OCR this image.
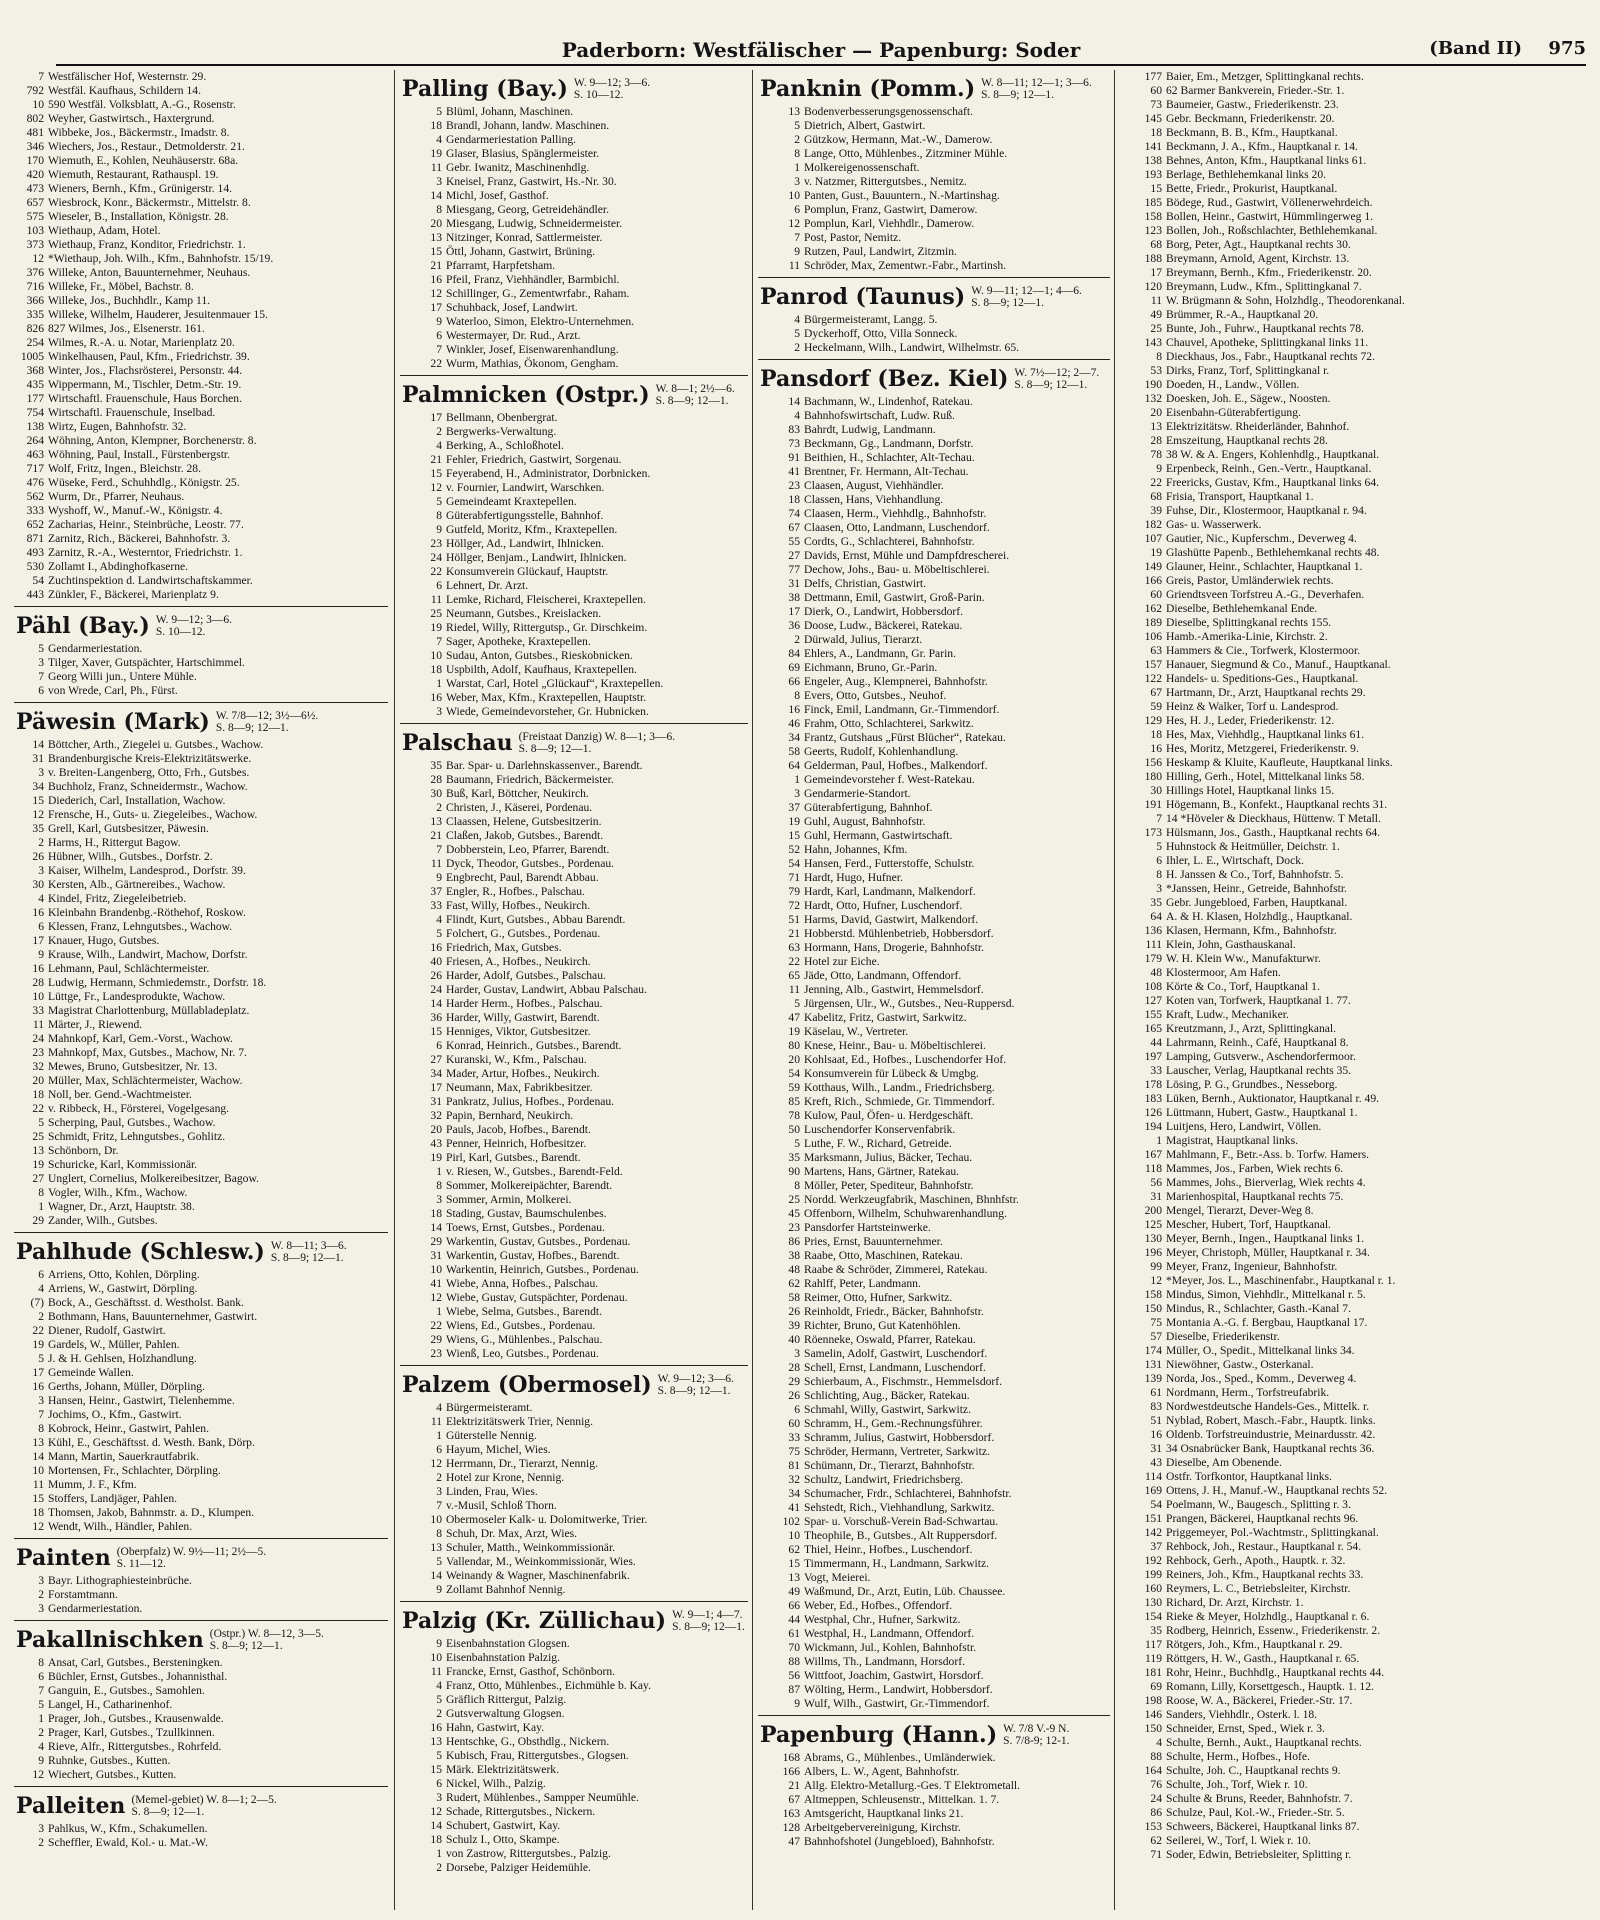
Paderborn: Westfälischer — Papenburg: Soder	(Band II) 975
7 Westfälischer Hof, Westernstr. 29.
792 Westfäl. Kaufhaus, Schildern 14.
10 590 Westfäl. Volksblatt, A.-G., Rosenstr.
802 Weyher, Gastwirtsch., Haxtergrund.
481 Wibbeke, Jos., Bäckermstr., Imadstr. 8.
346 Wiechers, Jos., Restaur., Detmolderstr. 21.
170 Wiemuth, E., Kohlen, Neuhäuserstr. 68a.
420 Wiemuth, Restaurant, Rathauspl. 19.
473 Wieners, Bernh., Kfm., Grünigerstr. 14.
657 Wiesbrock, Konr., Bäckermstr., Mittelstr. 8.
575 Wieseler, B., Installation, Königstr. 28.
103 Wiethaup, Adam, Hotel.
373 Wiethaup, Franz, Konditor, Friedrichstr. 1.
12 *Wiethaup, Joh. Wilh., Kfm., Bahnhofstr. 15/19.
376 Willeke, Anton, Bauunternehmer, Neuhaus.
716 Willeke, Fr., Möbel, Bachstr. 8.
366 Willeke, Jos., Buchhdlr., Kamp 11.
335 Willeke, Wilhelm, Hauderer, Jesuitenmauer 15.
826 827 Wilmes, Jos., Elsenerstr. 161.
254 Wilmes, R.-A. u. Notar, Marienplatz 20.
1005 Winkelhausen, Paul, Kfm., Friedrichstr. 39.
368 Winter, Jos., Flachsrösterei, Personstr. 44.
435 Wippermann, M., Tischler, Detm.-Str. 19.
177 Wirtschaftl. Frauenschule, Haus Borchen.
754 Wirtschaftl. Frauenschule, Inselbad.
138 Wirtz, Eugen, Bahnhofstr. 32.
264 Wöhning, Anton, Klempner, Borchenerstr. 8.
463 Wöhning, Paul, Install., Fürstenbergstr.
717 Wolf, Fritz, Ingen., Bleichstr. 28.
476 Wüseke, Ferd., Schuhhdlg., Königstr. 25.
562 Wurm, Dr., Pfarrer, Neuhaus.
333 Wyshoff, W., Manuf.-W., Königstr. 4.
652 Zacharias, Heinr., Steinbrüche, Leostr. 77.
871 Zarnitz, Rich., Bäckerei, Bahnhofstr. 3.
493 Zarnitz, R.-A., Westerntor, Friedrichstr. 1.
530 Zollamt I., Abdinghofkaserne.
54 Zuchtinspektion d. Landwirtschaftskammer.
443 Zünkler, F., Bäckerei, Marienplatz 9.
Pähl (Bay.) W. 9—12; 3—6.
S. 10—12.
5 Gendarmeriestation.
3 Tilger, Xaver, Gutspächter, Hartschimmel.
7 Georg Willi jun., Untere Mühle.
6 von Wrede, Carl, Ph., Fürst.
Päwesin (Mark) W. 7/8—12; 3½—6½.
S. 8—9; 12—1.
14 Böttcher, Arth., Ziegelei u. Gutsbes., Wachow.
31 Brandenburgische Kreis-Elektrizitätswerke.
3 v. Breiten-Langenberg, Otto, Frh., Gutsbes.
34 Buchholz, Franz, Schneidermstr., Wachow.
15 Diederich, Carl, Installation, Wachow.
12 Frensche, H., Guts- u. Ziegeleibes., Wachow.
35 Grell, Karl, Gutsbesitzer, Päwesin.
2 Harms, H., Rittergut Bagow.
26 Hübner, Wilh., Gutsbes., Dorfstr. 2.
3 Kaiser, Wilhelm, Landesprod., Dorfstr. 39.
30 Kersten, Alb., Gärtnereibes., Wachow.
4 Kindel, Fritz, Ziegeleibetrieb.
16 Kleinbahn Brandenbg.-Röthehof, Roskow.
6 Klessen, Franz, Lehngutsbes., Wachow.
17 Knauer, Hugo, Gutsbes.
9 Krause, Wilh., Landwirt, Machow, Dorfstr.
16 Lehmann, Paul, Schlächtermeister.
28 Ludwig, Hermann, Schmiedemstr., Dorfstr. 18.
10 Lüttge, Fr., Landesprodukte, Wachow.
33 Magistrat Charlottenburg, Müllabladeplatz.
11 Märter, J., Riewend.
24 Mahnkopf, Karl, Gem.-Vorst., Wachow.
23 Mahnkopf, Max, Gutsbes., Machow, Nr. 7.
32 Mewes, Bruno, Gutsbesitzer, Nr. 13.
20 Müller, Max, Schlächtermeister, Wachow.
18 Noll, ber. Gend.-Wachtmeister.
22 v. Ribbeck, H., Försterei, Vogelgesang.
5 Scherping, Paul, Gutsbes., Wachow.
25 Schmidt, Fritz, Lehngutsbes., Gohlitz.
13 Schönborn, Dr.
19 Schuricke, Karl, Kommissionär.
27 Unglert, Cornelius, Molkereibesitzer, Bagow.
8 Vogler, Wilh., Kfm., Wachow.
1 Wagner, Dr., Arzt, Hauptstr. 38.
29 Zander, Wilh., Gutsbes.
Pahlhude (Schlesw.) W. 8—11; 3—6.
S. 8—9; 12—1.
6 Arriens, Otto, Kohlen, Dörpling.
4 Arriens, W., Gastwirt, Dörpling.
(7) Bock, A., Geschäftsst. d. Westholst. Bank.
2 Bothmann, Hans, Bauunternehmer, Gastwirt.
22 Diener, Rudolf, Gastwirt.
19 Gardels, W., Müller, Pahlen.
5 J. & H. Gehlsen, Holzhandlung.
17 Gemeinde Wallen.
16 Gerths, Johann, Müller, Dörpling.
3 Hansen, Heinr., Gastwirt, Tielenhemme.
7 Jochims, O., Kfm., Gastwirt.
8 Kobrock, Heinr., Gastwirt, Pahlen.
13 Kühl, E., Geschäftsst. d. Westh. Bank, Dörp.
14 Mann, Martin, Sauerkrautfabrik.
10 Mortensen, Fr., Schlachter, Dörpling.
11 Mumm, J. F., Kfm.
15 Stoffers, Landjäger, Pahlen.
18 Thomsen, Jakob, Bahnmstr. a. D., Klumpen.
12 Wendt, Wilh., Händler, Pahlen.
Painten (Oberpfalz) W. 9½—11; 2½—5.
S. 11—12.
3 Bayr. Lithographiesteinbrüche.
2 Forstamtmann.
3 Gendarmeriestation.
Pakallnischken (Ostpr.) W. 8—12, 3—5.
S. 8—9; 12—1.
8 Ansat, Carl, Gutsbes., Bersteningken.
6 Büchler, Ernst, Gutsbes., Johannisthal.
7 Ganguin, E., Gutsbes., Samohlen.
5 Langel, H., Catharinenhof.
1 Prager, Joh., Gutsbes., Krausenwalde.
2 Prager, Karl, Gutsbes., Tzullkinnen.
4 Rieve, Alfr., Rittergutsbes., Rohrfeld.
9 Ruhnke, Gutsbes., Kutten.
12 Wiechert, Gutsbes., Kutten.
Palleiten (Memel-gebiet) W. 8—1; 2—5.
S. 8—9; 12—1.
3 Pahlkus, W., Kfm., Schakumellen.
2 Scheffler, Ewald, Kol.- u. Mat.-W.
Palling (Bay.) W. 9—12; 3—6.
S. 10—12.
5 Blüml, Johann, Maschinen.
18 Brandl, Johann, landw. Maschinen.
4 Gendarmeriestation Palling.
19 Glaser, Blasius, Spänglermeister.
11 Gebr. Iwanitz, Maschinenhdlg.
3 Kneisel, Franz, Gastwirt, Hs.-Nr. 30.
14 Michl, Josef, Gasthof.
8 Miesgang, Georg, Getreidehändler.
20 Miesgang, Ludwig, Schneidermeister.
13 Nitzinger, Konrad, Sattlermeister.
15 Öttl, Johann, Gastwirt, Brüning.
21 Pfarramt, Harpfetsham.
16 Pfeil, Franz, Viehhändler, Barmbichl.
12 Schillinger, G., Zementwrfabr., Raham.
17 Schuhback, Josef, Landwirt.
9 Waterloo, Simon, Elektro-Unternehmen.
6 Westermayer, Dr. Rud., Arzt.
7 Winkler, Josef, Eisenwarenhandlung.
22 Wurm, Mathias, Ökonom, Gengham.
Palmnicken (Ostpr.) W. 8—1; 2½—6.
S. 8—9; 12—1.
17 Bellmann, Obenbergrat.
2 Bergwerks-Verwaltung.
4 Berking, A., Schloßhotel.
21 Fehler, Friedrich, Gastwirt, Sorgenau.
15 Feyerabend, H., Administrator, Dorbnicken.
12 v. Fournier, Landwirt, Warschken.
5 Gemeindeamt Kraxtepellen.
8 Güterabfertigungsstelle, Bahnhof.
9 Gutfeld, Moritz, Kfm., Kraxtepellen.
23 Höllger, Ad., Landwirt, Ihlnicken.
24 Höllger, Benjam., Landwirt, Ihlnicken.
22 Konsumverein Glückauf, Hauptstr.
6 Lehnert, Dr. Arzt.
11 Lemke, Richard, Fleischerei, Kraxtepellen.
25 Neumann, Gutsbes., Kreislacken.
19 Riedel, Willy, Rittergutsp., Gr. Dirschkeim.
7 Sager, Apotheke, Kraxtepellen.
10 Sudau, Anton, Gutsbes., Rieskobnicken.
18 Uspbilth, Adolf, Kaufhaus, Kraxtepellen.
1 Warstat, Carl, Hotel „Glückauf“, Kraxtepellen.
16 Weber, Max, Kfm., Kraxtepellen, Hauptstr.
3 Wiede, Gemeindevorsteher, Gr. Hubnicken.
Palschau (Freistaat Danzig) W. 8—1; 3—6.
S. 8—9; 12—1.
35 Bar. Spar- u. Darlehnskassenver., Barendt.
28 Baumann, Friedrich, Bäckermeister.
30 Buß, Karl, Böttcher, Neukirch.
2 Christen, J., Käserei, Pordenau.
13 Claassen, Helene, Gutsbesitzerin.
21 Claßen, Jakob, Gutsbes., Barendt.
7 Dobberstein, Leo, Pfarrer, Barendt.
11 Dyck, Theodor, Gutsbes., Pordenau.
9 Engbrecht, Paul, Barendt Abbau.
37 Engler, R., Hofbes., Palschau.
33 Fast, Willy, Hofbes., Neukirch.
4 Flindt, Kurt, Gutsbes., Abbau Barendt.
5 Folchert, G., Gutsbes., Pordenau.
16 Friedrich, Max, Gutsbes.
40 Friesen, A., Hofbes., Neukirch.
26 Harder, Adolf, Gutsbes., Palschau.
24 Harder, Gustav, Landwirt, Abbau Palschau.
14 Harder Herm., Hofbes., Palschau.
36 Harder, Willy, Gastwirt, Barendt.
15 Henniges, Viktor, Gutsbesitzer.
6 Konrad, Heinrich., Gutsbes., Barendt.
27 Kuranski, W., Kfm., Palschau.
34 Mader, Artur, Hofbes., Neukirch.
17 Neumann, Max, Fabrikbesitzer.
31 Pankratz, Julius, Hofbes., Pordenau.
32 Papin, Bernhard, Neukirch.
20 Pauls, Jacob, Hofbes., Barendt.
43 Penner, Heinrich, Hofbesitzer.
19 Pirl, Karl, Gutsbes., Barendt.
1 v. Riesen, W., Gutsbes., Barendt-Feld.
8 Sommer, Molkereipächter, Barendt.
3 Sommer, Armin, Molkerei.
18 Stading, Gustav, Baumschulenbes.
14 Toews, Ernst, Gutsbes., Pordenau.
29 Warkentin, Gustav, Gutsbes., Pordenau.
31 Warkentin, Gustav, Hofbes., Barendt.
10 Warkentin, Heinrich, Gutsbes., Pordenau.
41 Wiebe, Anna, Hofbes., Palschau.
12 Wiebe, Gustav, Gutspächter, Pordenau.
1 Wiebe, Selma, Gutsbes., Barendt.
22 Wiens, Ed., Gutsbes., Pordenau.
29 Wiens, G., Mühlenbes., Palschau.
23 Wienß, Leo, Gutsbes., Pordenau.
Palzem (Obermosel) W. 9—12; 3—6.
S. 8—9; 12—1.
4 Bürgermeisteramt.
11 Elektrizitätswerk Trier, Nennig.
1 Güterstelle Nennig.
6 Hayum, Michel, Wies.
12 Herrmann, Dr., Tierarzt, Nennig.
2 Hotel zur Krone, Nennig.
3 Linden, Frau, Wies.
7 v.-Musil, Schloß Thorn.
10 Obermoseler Kalk- u. Dolomitwerke, Trier.
8 Schuh, Dr. Max, Arzt, Wies.
13 Schuler, Matth., Weinkommissionär.
5 Vallendar, M., Weinkommissionär, Wies.
14 Weinandy & Wagner, Maschinenfabrik.
9 Zollamt Bahnhof Nennig.
Palzig (Kr. Züllichau) W. 9—1; 4—7.
S. 8—9; 12—1.
9 Eisenbahnstation Glogsen.
10 Eisenbahnstation Palzig.
11 Francke, Ernst, Gasthof, Schönborn.
4 Franz, Otto, Mühlenbes., Eichmühle b. Kay.
5 Gräflich Rittergut, Palzig.
2 Gutsverwaltung Glogsen.
16 Hahn, Gastwirt, Kay.
13 Hentschke, G., Obsthdlg., Nickern.
5 Kubisch, Frau, Rittergutsbes., Glogsen.
15 Märk. Elektrizitätswerk.
6 Nickel, Wilh., Palzig.
3 Rudert, Mühlenbes., Sampper Neumühle.
12 Schade, Rittergutsbes., Nickern.
14 Schubert, Gastwirt, Kay.
18 Schulz I., Otto, Skampe.
1 von Zastrow, Rittergutsbes., Palzig.
2 Dorsebe, Palziger Heidemühle.
Panknin (Pomm.) W. 8—11; 12—1; 3—6.
S. 8—9; 12—1.
13 Bodenverbesserungsgenossenschaft.
5 Dietrich, Albert, Gastwirt.
2 Gützkow, Hermann, Mat.-W., Damerow.
8 Lange, Otto, Mühlenbes., Zitzminer Mühle.
1 Molkereigenossenschaft.
3 v. Natzmer, Rittergutsbes., Nemitz.
10 Panten, Gust., Bauuntern., N.-Martinshag.
6 Pomplun, Franz, Gastwirt, Damerow.
12 Pomplun, Karl, Viehhdlr., Damerow.
7 Post, Pastor, Nemitz.
9 Rutzen, Paul, Landwirt, Zitzmin.
11 Schröder, Max, Zementwr.-Fabr., Martinsh.
Panrod (Taunus) W. 9—11; 12—1; 4—6.
S. 8—9; 12—1.
4 Bürgermeisteramt, Langg. 5.
5 Dyckerhoff, Otto, Villa Sonneck.
2 Heckelmann, Wilh., Landwirt, Wilhelmstr. 65.
Pansdorf (Bez. Kiel) W. 7½—12; 2—7.
S. 8—9; 12—1.
14 Bachmann, W., Lindenhof, Ratekau.
4 Bahnhofswirtschaft, Ludw. Ruß.
83 Bahrdt, Ludwig, Landmann.
73 Beckmann, Gg., Landmann, Dorfstr.
91 Beithien, H., Schlachter, Alt-Techau.
41 Brentner, Fr. Hermann, Alt-Techau.
23 Claasen, August, Viehhändler.
18 Classen, Hans, Viehhandlung.
74 Claasen, Herm., Viehhdlg., Bahnhofstr.
67 Claasen, Otto, Landmann, Luschendorf.
55 Cordts, G., Schlachterei, Bahnhofstr.
27 Davids, Ernst, Mühle und Dampfdrescherei.
77 Dechow, Johs., Bau- u. Möbeltischlerei.
31 Delfs, Christian, Gastwirt.
38 Dettmann, Emil, Gastwirt, Groß-Parin.
17 Dierk, O., Landwirt, Hobbersdorf.
36 Doose, Ludw., Bäckerei, Ratekau.
2 Dürwald, Julius, Tierarzt.
84 Ehlers, A., Landmann, Gr. Parin.
69 Eichmann, Bruno, Gr.-Parin.
66 Engeler, Aug., Klempnerei, Bahnhofstr.
8 Evers, Otto, Gutsbes., Neuhof.
16 Finck, Emil, Landmann, Gr.-Timmendorf.
46 Frahm, Otto, Schlachterei, Sarkwitz.
34 Frantz, Gutshaus „Fürst Blücher“, Ratekau.
58 Geerts, Rudolf, Kohlenhandlung.
64 Gelderman, Paul, Hofbes., Malkendorf.
1 Gemeindevorsteher f. West-Ratekau.
3 Gendarmerie-Standort.
37 Güterabfertigung, Bahnhof.
19 Guhl, August, Bahnhofstr.
15 Guhl, Hermann, Gastwirtschaft.
52 Hahn, Johannes, Kfm.
54 Hansen, Ferd., Futterstoffe, Schulstr.
71 Hardt, Hugo, Hufner.
79 Hardt, Karl, Landmann, Malkendorf.
72 Hardt, Otto, Hufner, Luschendorf.
51 Harms, David, Gastwirt, Malkendorf.
21 Hobberstd. Mühlenbetrieb, Hobbersdorf.
63 Hormann, Hans, Drogerie, Bahnhofstr.
22 Hotel zur Eiche.
65 Jäde, Otto, Landmann, Offendorf.
11 Jenning, Alb., Gastwirt, Hemmelsdorf.
5 Jürgensen, Ulr., W., Gutsbes., Neu-Ruppersd.
47 Kabelitz, Fritz, Gastwirt, Sarkwitz.
19 Käselau, W., Vertreter.
80 Knese, Heinr., Bau- u. Möbeltischlerei.
20 Kohlsaat, Ed., Hofbes., Luschendorfer Hof.
54 Konsumverein für Lübeck & Umgbg.
59 Kotthaus, Wilh., Landm., Friedrichsberg.
85 Kreft, Rich., Schmiede, Gr. Timmendorf.
78 Kulow, Paul, Öfen- u. Herdgeschäft.
50 Luschendorfer Konservenfabrik.
5 Luthe, F. W., Richard, Getreide.
35 Marksmann, Julius, Bäcker, Techau.
90 Martens, Hans, Gärtner, Ratekau.
8 Möller, Peter, Spediteur, Bahnhofstr.
25 Nordd. Werkzeugfabrik, Maschinen, Bhnhfstr.
45 Offenborn, Wilhelm, Schuhwarenhandlung.
23 Pansdorfer Hartsteinwerke.
86 Pries, Ernst, Bauunternehmer.
38 Raabe, Otto, Maschinen, Ratekau.
48 Raabe & Schröder, Zimmerei, Ratekau.
62 Rahlff, Peter, Landmann.
58 Reimer, Otto, Hufner, Sarkwitz.
26 Reinholdt, Friedr., Bäcker, Bahnhofstr.
39 Richter, Bruno, Gut Katenhöhlen.
40 Röenneke, Oswald, Pfarrer, Ratekau.
3 Samelin, Adolf, Gastwirt, Luschendorf.
28 Schell, Ernst, Landmann, Luschendorf.
29 Schierbaum, A., Fischmstr., Hemmelsdorf.
26 Schlichting, Aug., Bäcker, Ratekau.
6 Schmahl, Willy, Gastwirt, Sarkwitz.
60 Schramm, H., Gem.-Rechnungsführer.
33 Schramm, Julius, Gastwirt, Hobbersdorf.
75 Schröder, Hermann, Vertreter, Sarkwitz.
81 Schümann, Dr., Tierarzt, Bahnhofstr.
32 Schultz, Landwirt, Friedrichsberg.
34 Schumacher, Frdr., Schlachterei, Bahnhofstr.
41 Sehstedt, Rich., Viehhandlung, Sarkwitz.
102 Spar- u. Vorschuß-Verein Bad-Schwartau.
10 Theophile, B., Gutsbes., Alt Ruppersdorf.
62 Thiel, Heinr., Hofbes., Luschendorf.
15 Timmermann, H., Landmann, Sarkwitz.
13 Vogt, Meierei.
49 Waßmund, Dr., Arzt, Eutin, Lüb. Chaussee.
66 Weber, Ed., Hofbes., Offendorf.
44 Westphal, Chr., Hufner, Sarkwitz.
61 Westphal, H., Landmann, Offendorf.
70 Wickmann, Jul., Kohlen, Bahnhofstr.
88 Willms, Th., Landmann, Horsdorf.
56 Wittfoot, Joachim, Gastwirt, Horsdorf.
87 Wölting, Herm., Landwirt, Hobbersdorf.
9 Wulf, Wilh., Gastwirt, Gr.-Timmendorf.
Papenburg (Hann.) W. 7/8 V.-9 N.
S. 7/8-9; 12-1.
168 Abrams, G., Mühlenbes., Umländerwiek.
166 Albers, L. W., Agent, Bahnhofstr.
21 Allg. Elektro-Metallurg.-Ges. T Elektrometall.
67 Altmeppen, Schleusenstr., Mittelkan. 1. 7.
163 Amtsgericht, Hauptkanal links 21.
128 Arbeitgebervereinigung, Kirchstr.
47 Bahnhofshotel (Jungebloed), Bahnhofstr.
177 Baier, Em., Metzger, Splittingkanal rechts.
60 62 Barmer Bankverein, Frieder.-Str. 1.
73 Baumeier, Gastw., Friederikenstr. 23.
145 Gebr. Beckmann, Friederikenstr. 20.
18 Beckmann, B. B., Kfm., Hauptkanal.
141 Beckmann, J. A., Kfm., Hauptkanal r. 14.
138 Behnes, Anton, Kfm., Hauptkanal links 61.
193 Berlage, Bethlehemkanal links 20.
15 Bette, Friedr., Prokurist, Hauptkanal.
185 Bödege, Rud., Gastwirt, Völlenerwehrdeich.
158 Bollen, Heinr., Gastwirt, Hümmlingerweg 1.
123 Bollen, Joh., Roßschlachter, Bethlehemkanal.
68 Borg, Peter, Agt., Hauptkanal rechts 30.
188 Breymann, Arnold, Agent, Kirchstr. 13.
17 Breymann, Bernh., Kfm., Friederikenstr. 20.
120 Breymann, Ludw., Kfm., Splittingkanal 7.
11 W. Brügmann & Sohn, Holzhdlg., Theodorenkanal.
49 Brümmer, R.-A., Hauptkanal 20.
25 Bunte, Joh., Fuhrw., Hauptkanal rechts 78.
143 Chauvel, Apotheke, Splittingkanal links 11.
8 Dieckhaus, Jos., Fabr., Hauptkanal rechts 72.
53 Dirks, Franz, Torf, Splittingkanal r.
190 Doeden, H., Landw., Völlen.
132 Doesken, Joh. E., Sägew., Noosten.
20 Eisenbahn-Güterabfertigung.
13 Elektrizitätsw. Rheiderländer, Bahnhof.
28 Emszeitung, Hauptkanal rechts 28.
78 38 W. & A. Engers, Kohlenhdlg., Hauptkanal.
9 Erpenbeck, Reinh., Gen.-Vertr., Hauptkanal.
22 Freericks, Gustav, Kfm., Hauptkanal links 64.
68 Frisia, Transport, Hauptkanal 1.
39 Fuhse, Dir., Klostermoor, Hauptkanal r. 94.
182 Gas- u. Wasserwerk.
107 Gautier, Nic., Kupferschm., Deverweg 4.
19 Glashütte Papenb., Bethlehemkanal rechts 48.
149 Glauner, Heinr., Schlachter, Hauptkanal 1.
166 Greis, Pastor, Umländerwiek rechts.
60 Griendtsveen Torfstreu A.-G., Deverhafen.
162 Dieselbe, Bethlehemkanal Ende.
189 Dieselbe, Splittingkanal rechts 155.
106 Hamb.-Amerika-Linie, Kirchstr. 2.
63 Hammers & Cie., Torfwerk, Klostermoor.
157 Hanauer, Siegmund & Co., Manuf., Hauptkanal.
122 Handels- u. Speditions-Ges., Hauptkanal.
67 Hartmann, Dr., Arzt, Hauptkanal rechts 29.
59 Heinz & Walker, Torf u. Landesprod.
129 Hes, H. J., Leder, Friederikenstr. 12.
18 Hes, Max, Viehhdlg., Hauptkanal links 61.
16 Hes, Moritz, Metzgerei, Friederikenstr. 9.
156 Heskamp & Kluite, Kaufleute, Hauptkanal links.
180 Hilling, Gerh., Hotel, Mittelkanal links 58.
30 Hillings Hotel, Hauptkanal links 15.
191 Högemann, B., Konfekt., Hauptkanal rechts 31.
7 14 *Höveler & Dieckhaus, Hüttenw. T Metall.
173 Hülsmann, Jos., Gasth., Hauptkanal rechts 64.
5 Huhnstock & Heitmüller, Deichstr. 1.
6 Ihler, L. E., Wirtschaft, Dock.
8 H. Janssen & Co., Torf, Bahnhofstr. 5.
3 *Janssen, Heinr., Getreide, Bahnhofstr.
35 Gebr. Jungebloed, Farben, Hauptkanal.
64 A. & H. Klasen, Holzhdlg., Hauptkanal.
136 Klasen, Hermann, Kfm., Bahnhofstr.
111 Klein, John, Gasthauskanal.
179 W. H. Klein Ww., Manufakturwr.
48 Klostermoor, Am Hafen.
108 Körte & Co., Torf, Hauptkanal 1.
127 Koten van, Torfwerk, Hauptkanal 1. 77.
155 Kraft, Ludw., Mechaniker.
165 Kreutzmann, J., Arzt, Splittingkanal.
44 Lahrmann, Reinh., Café, Hauptkanal 8.
197 Lamping, Gutsverw., Aschendorfermoor.
33 Lauscher, Verlag, Hauptkanal rechts 35.
178 Lösing, P. G., Grundbes., Nesseborg.
183 Lüken, Bernh., Auktionator, Hauptkanal r. 49.
126 Lüttmann, Hubert, Gastw., Hauptkanal 1.
194 Luitjens, Hero, Landwirt, Völlen.
1 Magistrat, Hauptkanal links.
167 Mahlmann, F., Betr.-Ass. b. Torfw. Hamers.
118 Mammes, Jos., Farben, Wiek rechts 6.
56 Mammes, Johs., Bierverlag, Wiek rechts 4.
31 Marienhospital, Hauptkanal rechts 75.
200 Mengel, Tierarzt, Dever-Weg 8.
125 Mescher, Hubert, Torf, Hauptkanal.
130 Meyer, Bernh., Ingen., Hauptkanal links 1.
196 Meyer, Christoph, Müller, Hauptkanal r. 34.
99 Meyer, Franz, Ingenieur, Bahnhofstr.
12 *Meyer, Jos. L., Maschinenfabr., Hauptkanal r. 1.
158 Mindus, Simon, Viehhdlr., Mittelkanal r. 5.
150 Mindus, R., Schlachter, Gasth.-Kanal 7.
75 Montania A.-G. f. Bergbau, Hauptkanal 17.
57 Dieselbe, Friederikenstr.
174 Müller, O., Spedit., Mittelkanal links 34.
131 Niewöhner, Gastw., Osterkanal.
139 Norda, Jos., Sped., Komm., Deverweg 4.
61 Nordmann, Herm., Torfstreufabrik.
83 Nordwestdeutsche Handels-Ges., Mittelk. r.
51 Nyblad, Robert, Masch.-Fabr., Hauptk. links.
16 Oldenb. Torfstreuindustrie, Meinardusstr. 42.
31 34 Osnabrücker Bank, Hauptkanal rechts 36.
43 Dieselbe, Am Obenende.
114 Ostfr. Torfkontor, Hauptkanal links.
169 Ottens, J. H., Manuf.-W., Hauptkanal rechts 52.
54 Poelmann, W., Baugesch., Splitting r. 3.
151 Prangen, Bäckerei, Hauptkanal rechts 96.
142 Priggemeyer, Pol.-Wachtmstr., Splittingkanal.
37 Rehbock, Joh., Restaur., Hauptkanal r. 54.
192 Rehbock, Gerh., Apoth., Hauptk. r. 32.
199 Reiners, Joh., Kfm., Hauptkanal rechts 33.
160 Reymers, L. C., Betriebsleiter, Kirchstr.
130 Richard, Dr. Arzt, Kirchstr. 1.
154 Rieke & Meyer, Holzhdlg., Hauptkanal r. 6.
35 Rodberg, Heinrich, Essenw., Friederikenstr. 2.
117 Rötgers, Joh., Kfm., Hauptkanal r. 29.
119 Röttgers, H. W., Gasth., Hauptkanal r. 65.
181 Rohr, Heinr., Buchhdlg., Hauptkanal rechts 44.
69 Romann, Lilly, Korsettgesch., Hauptk. 1. 12.
198 Roose, W. A., Bäckerei, Frieder.-Str. 17.
146 Sanders, Viehhdlr., Osterk. l. 18.
150 Schneider, Ernst, Sped., Wiek r. 3.
4 Schulte, Bernh., Aukt., Hauptkanal rechts.
88 Schulte, Herm., Hofbes., Hofe.
164 Schulte, Joh. C., Hauptkanal rechts 9.
76 Schulte, Joh., Torf, Wiek r. 10.
24 Schulte & Bruns, Reeder, Bahnhofstr. 7.
86 Schulze, Paul, Kol.-W., Frieder.-Str. 5.
153 Schweers, Bäckerei, Hauptkanal links 87.
62 Seilerei, W., Torf, l. Wiek r. 10.
71 Soder, Edwin, Betriebsleiter, Splitting r.
